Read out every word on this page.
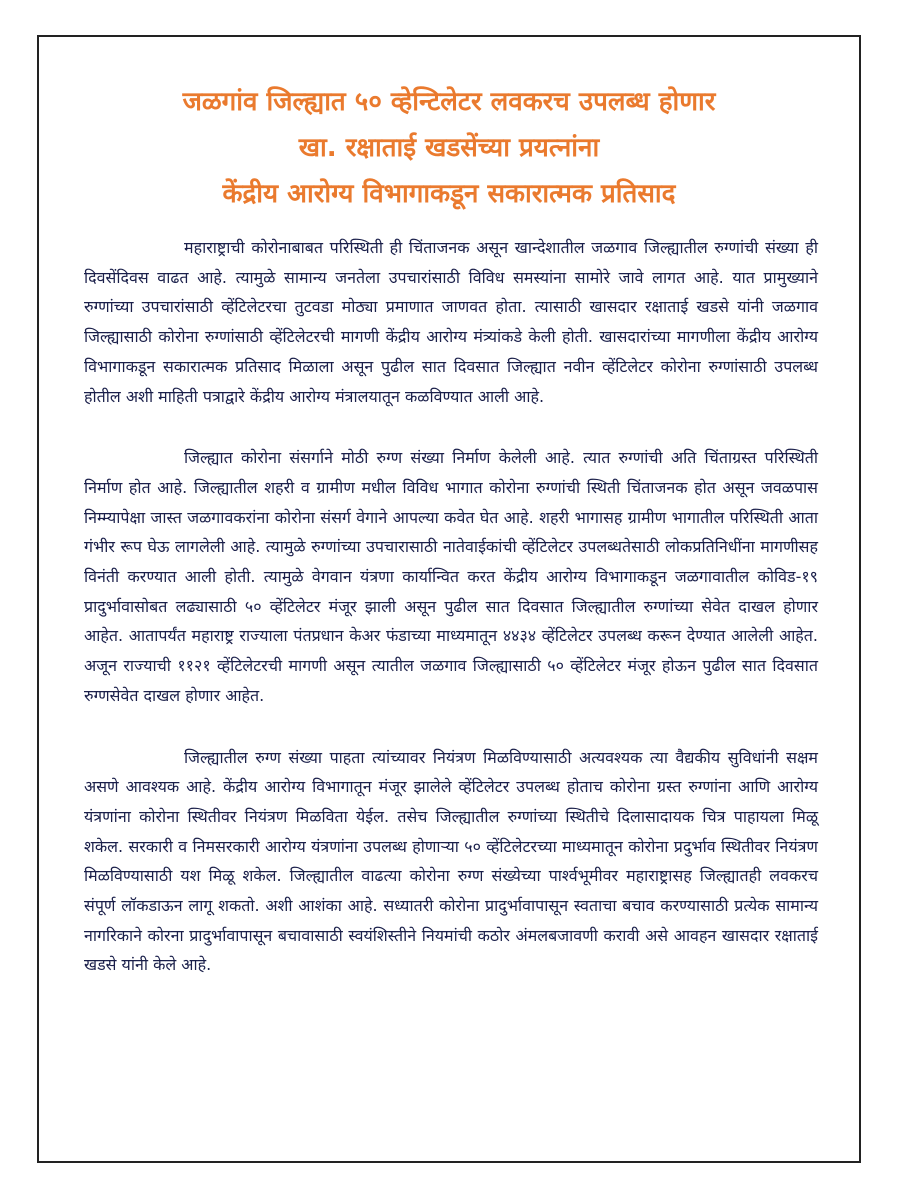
जळगांव जिल्ह्यात ५० व्हेन्टिलेटर लवकरच उपलब्ध होणार
खा. रक्षाताई खडसेंच्या प्रयत्नांना
केंद्रीय आरोग्य विभागाकडून सकारात्मक प्रतिसाद

महाराष्ट्राची कोरोनाबाबत परिस्थिती ही चिंताजनक असून खान्देशातील जळगाव जिल्ह्यातील रुग्णांची संख्या ही दिवसेंदिवस वाढत आहे. त्यामुळे सामान्य जनतेला उपचारांसाठी विविध समस्यांना सामोरे जावे लागत आहे. यात प्रामुख्याने रुग्णांच्या उपचारांसाठी व्हेंटिलेटरचा तुटवडा मोठ्या प्रमाणात जाणवत होता. त्यासाठी खासदार रक्षाताई खडसे यांनी जळगाव जिल्ह्यासाठी कोरोना रुग्णांसाठी व्हेंटिलेटरची मागणी केंद्रीय आरोग्य मंत्र्यांकडे केली होती. खासदारांच्या मागणीला केंद्रीय आरोग्य विभागाकडून सकारात्मक प्रतिसाद मिळाला असून पुढील सात दिवसात जिल्ह्यात नवीन व्हेंटिलेटर कोरोना रुग्णांसाठी उपलब्ध होतील अशी माहिती पत्राद्वारे केंद्रीय आरोग्य मंत्रालयातून कळविण्यात आली आहे.

जिल्ह्यात कोरोना संसर्गाने मोठी रुग्ण संख्या निर्माण केलेली आहे. त्यात रुग्णांची अति चिंताग्रस्त परिस्थिती निर्माण होत आहे. जिल्ह्यातील शहरी व ग्रामीण मधील विविध भागात कोरोना रुग्णांची स्थिती चिंताजनक होत असून जवळपास निम्म्यापेक्षा जास्त जळगावकरांना कोरोना संसर्ग वेगाने आपल्या कवेत घेत आहे. शहरी भागासह ग्रामीण भागातील परिस्थिती आता गंभीर रूप घेऊ लागलेली आहे. त्यामुळे रुग्णांच्या उपचारासाठी नातेवाईकांची व्हेंटिलेटर उपलब्धतेसाठी लोकप्रतिनिधींना मागणीसह विनंती करण्यात आली होती. त्यामुळे वेगवान यंत्रणा कार्यान्वित करत केंद्रीय आरोग्य विभागाकडून जळगावातील कोविड-१९ प्रादुर्भावासोबत लढ्यासाठी ५० व्हेंटिलेटर मंजूर झाली असून पुढील सात दिवसात जिल्ह्यातील रुग्णांच्या सेवेत दाखल होणार आहेत. आतापर्यंत महाराष्ट्र राज्याला पंतप्रधान केअर फंडाच्या माध्यमातून ४४३४ व्हेंटिलेटर उपलब्ध करून देण्यात आलेली आहेत. अजून राज्याची ११२१ व्हेंटिलेटरची मागणी असून त्यातील जळगाव जिल्ह्यासाठी ५० व्हेंटिलेटर मंजूर होऊन पुढील सात दिवसात रुग्णसेवेत दाखल होणार आहेत.

जिल्ह्यातील रुग्ण संख्या पाहता त्यांच्यावर नियंत्रण मिळविण्यासाठी अत्यवश्यक त्या वैद्यकीय सुविधांनी सक्षम असणे आवश्यक आहे. केंद्रीय आरोग्य विभागातून मंजूर झालेले व्हेंटिलेटर उपलब्ध होताच कोरोना ग्रस्त रुग्णांना आणि आरोग्य यंत्रणांना कोरोना स्थितीवर नियंत्रण मिळविता येईल. तसेच जिल्ह्यातील रुग्णांच्या स्थितीचे दिलासादायक चित्र पाहायला मिळू शकेल. सरकारी व निमसरकारी आरोग्य यंत्रणांना उपलब्ध होणाऱ्या ५० व्हेंटिलेटरच्या माध्यमातून कोरोना प्रदुर्भाव स्थितीवर नियंत्रण मिळविण्यासाठी यश मिळू शकेल. जिल्ह्यातील वाढत्या कोरोना रुग्ण संख्येच्या पार्श्वभूमीवर महाराष्ट्रासह जिल्ह्यातही लवकरच संपूर्ण लॉकडाऊन लागू शकतो. अशी आशंका आहे. सध्यातरी कोरोना प्रादुर्भावापासून स्वताचा बचाव करण्यासाठी प्रत्येक सामान्य नागरिकाने कोरना प्रादुर्भावापासून बचावासाठी स्वयंशिस्तीने नियमांची कठोर अंमलबजावणी करावी असे आवहन खासदार रक्षाताई खडसे यांनी केले आहे.
